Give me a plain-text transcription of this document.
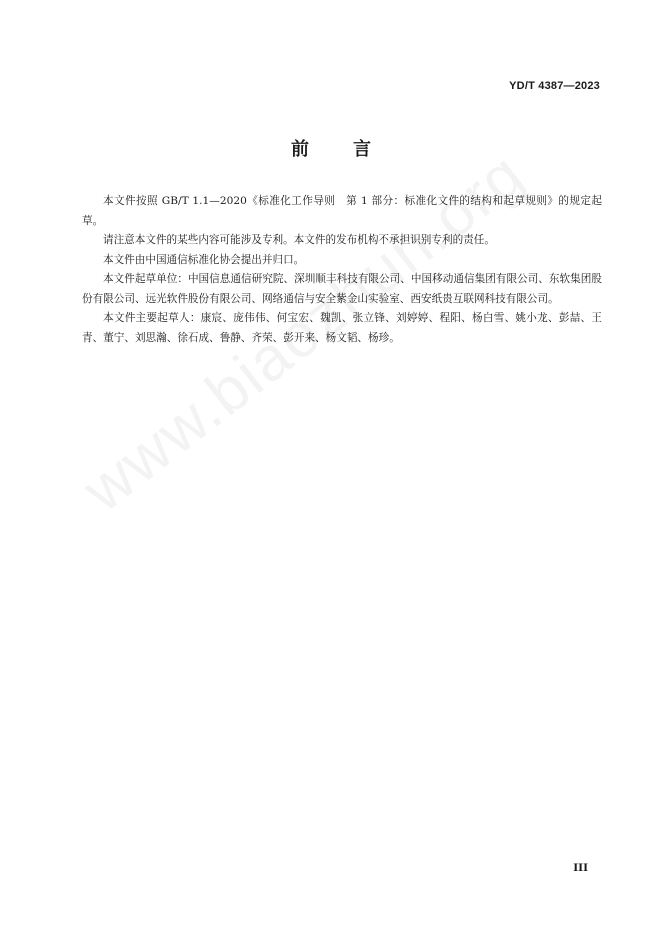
YD/T 4387—2023
前 言

本文件按照 GB/T 1.1—2020《标准化工作导则　第 1 部分：标准化文件的结构和起草规则》的规定起草。

请注意本文件的某些内容可能涉及专利。本文件的发布机构不承担识别专利的责任。

本文件由中国通信标准化协会提出并归口。

本文件起草单位：中国信息通信研究院、深圳顺丰科技有限公司、中国移动通信集团有限公司、东软集团股份有限公司、远光软件股份有限公司、网络通信与安全紫金山实验室、西安纸贵互联网科技有限公司。

本文件主要起草人：康宸、庞伟伟、何宝宏、魏凯、张立锋、刘婷婷、程阳、杨白雪、姚小龙、彭喆、王青、董宁、刘思瀚、徐石成、鲁静、齐荣、彭开来、杨文韬、杨珍。

III
